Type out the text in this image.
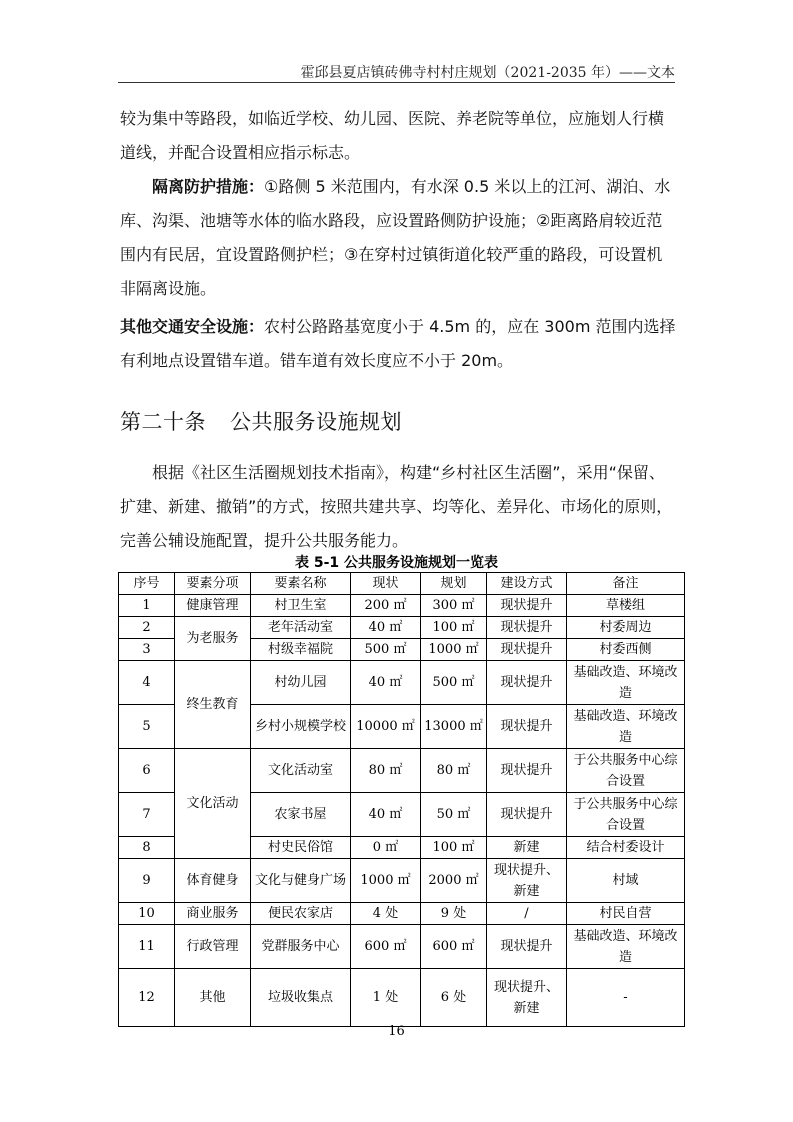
霍邱县夏店镇砖佛寺村村庄规划（2021-2035 年）——文本
较为集中等路段，如临近学校、幼儿园、医院、养老院等单位，应施划人行横道线，并配合设置相应指示标志。
隔离防护措施：①路侧 5 米范围内，有水深 0.5 米以上的江河、湖泊、水库、沟渠、池塘等水体的临水路段，应设置路侧防护设施；②距离路肩较近范围内有民居，宜设置路侧护栏；③在穿村过镇街道化较严重的路段，可设置机非隔离设施。
其他交通安全设施：农村公路路基宽度小于 4.5m 的，应在 300m 范围内选择有利地点设置错车道。错车道有效长度应不小于 20m。
第二十条 公共服务设施规划
根据《社区生活圈规划技术指南》，构建“乡村社区生活圈”，采用“保留、扩建、新建、撤销”的方式，按照共建共享、均等化、差异化、市场化的原则，完善公辅设施配置，提升公共服务能力。
表 5-1 公共服务设施规划一览表
序号	要素分项	要素名称	现状	规划	建设方式	备注
1	健康管理	村卫生室	200 ㎡	300 ㎡	现状提升	草楼组
2	为老服务	老年活动室	40 ㎡	100 ㎡	现状提升	村委周边
3		村级幸福院	500 ㎡	1000 ㎡	现状提升	村委西侧
4	终生教育	村幼儿园	40 ㎡	500 ㎡	现状提升	基础改造、环境改造
5		乡村小规模学校	10000 ㎡	13000 ㎡	现状提升	基础改造、环境改造
6	文化活动	文化活动室	80 ㎡	80 ㎡	现状提升	于公共服务中心综合设置
7		农家书屋	40 ㎡	50 ㎡	现状提升	于公共服务中心综合设置
8		村史民俗馆	0 ㎡	100 ㎡	新建	结合村委设计
9	体育健身	文化与健身广场	1000 ㎡	2000 ㎡	现状提升、新建	村域
10	商业服务	便民农家店	4 处	9 处	/	村民自营
11	行政管理	党群服务中心	600 ㎡	600 ㎡	现状提升	基础改造、环境改造
12	其他	垃圾收集点	1 处	6 处	现状提升、新建	-
16
